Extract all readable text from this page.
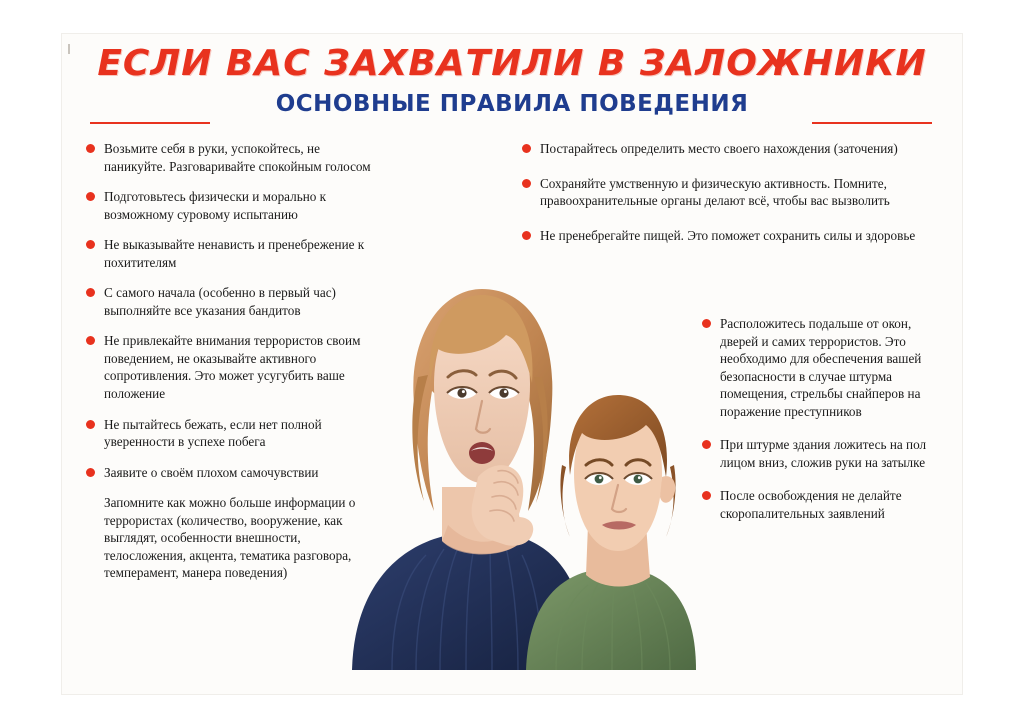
ЕСЛИ ВАС ЗАХВАТИЛИ В ЗАЛОЖНИКИ
ОСНОВНЫЕ ПРАВИЛА ПОВЕДЕНИЯ
Возьмите себя в руки, успокойтесь, не паникуйте. Разговаривайте спокойным голосом
Подготовьтесь физически и морально к возможному суровому испытанию
Не выказывайте ненависть и пренебрежение к похитителям
С самого начала (особенно в первый час) выполняйте все указания бандитов
Не привлекайте внимания террористов своим поведением, не оказывайте активного сопротивления. Это может усугубить ваше положение
Не пытайтесь бежать, если нет полной уверенности в успехе побега
Заявите о своём плохом самочувствии
Запомните как можно больше информации о террористах (количество, вооружение, как выглядят, особенности внешности, телосложения, акцента, тематика разговора, темперамент, манера поведения)
Постарайтесь определить место своего нахождения (заточения)
Сохраняйте умственную и физическую активность. Помните, правоохранительные органы делают всё, чтобы вас вызволить
Не пренебрегайте пищей. Это поможет сохранить силы и здоровье
Расположитесь подальше от окон, дверей и самих террористов. Это необходимо для обеспечения вашей безопасности в случае штурма помещения, стрельбы снайперов на поражение преступников
При штурме здания ложитесь на пол лицом вниз, сложив руки на затылке
После освобождения не делайте скоропалительных заявлений
